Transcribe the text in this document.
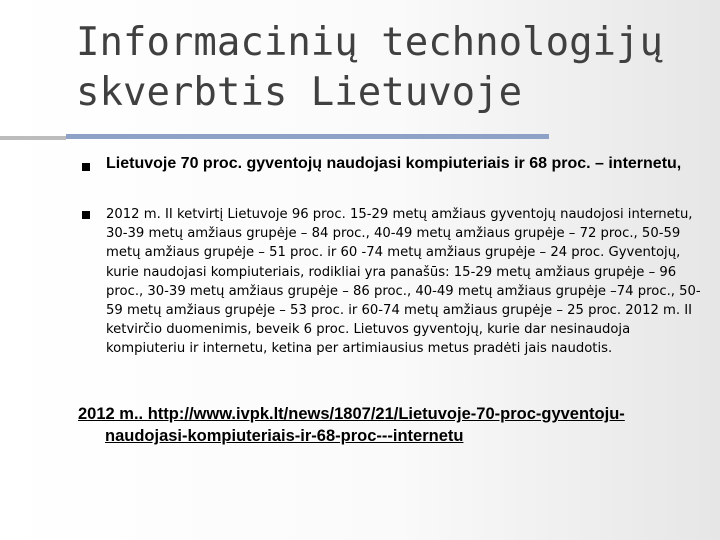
Informacinių technologijų skverbtis Lietuvoje

Lietuvoje 70 proc. gyventojų naudojasi kompiuteriais ir 68 proc. – internetu,

2012 m. II ketvirtį Lietuvoje 96 proc. 15-29 metų amžiaus gyventojų naudojosi internetu, 30-39 metų amžiaus grupėje – 84 proc., 40-49 metų amžiaus grupėje – 72 proc., 50-59 metų amžiaus grupėje – 51 proc. ir 60 -74 metų amžiaus grupėje – 24 proc. Gyventojų, kurie naudojasi kompiuteriais, rodikliai yra panašūs: 15-29 metų amžiaus grupėje – 96 proc., 30-39 metų amžiaus grupėje – 86 proc., 40-49 metų amžiaus grupėje –74 proc., 50-59 metų amžiaus grupėje – 53 proc. ir 60-74 metų amžiaus grupėje – 25 proc. 2012 m. II ketvirčio duomenimis, beveik 6 proc. Lietuvos gyventojų, kurie dar nesinaudoja kompiuteriu ir internetu, ketina per artimiausius metus pradėti jais naudotis.

2012 m.. http://www.ivpk.lt/news/1807/21/Lietuvoje-70-proc-gyventoju-naudojasi-kompiuteriais-ir-68-proc---internetu
